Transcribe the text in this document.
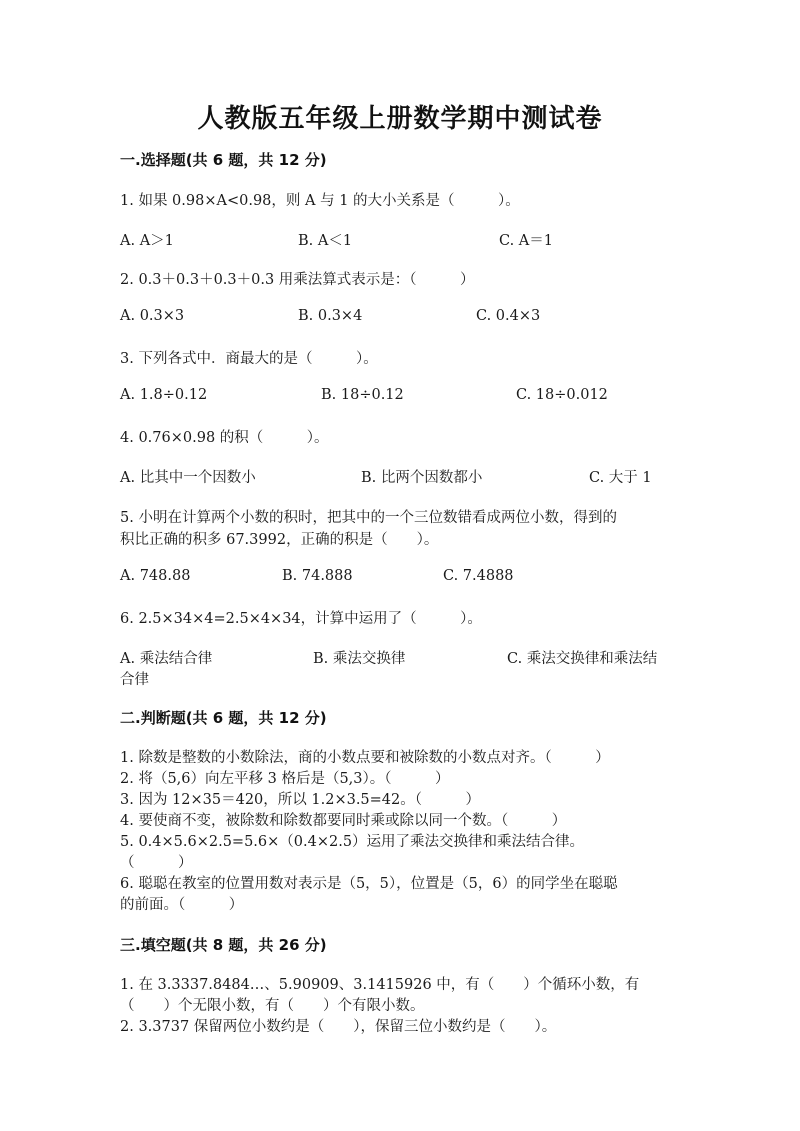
人教版五年级上册数学期中测试卷
一.选择题(共 6 题，共 12 分)
1. 如果 0.98×A<0.98，则 A 与 1 的大小关系是（　　　）。
A. A＞1	B. A＜1	C. A＝1
2. 0.3＋0.3＋0.3＋0.3 用乘法算式表示是：（　　　）
A. 0.3×3	B. 0.3×4	C. 0.4×3
3. 下列各式中．商最大的是（　　　）。
A. 1.8÷0.12	B. 18÷0.12	C. 18÷0.012
4. 0.76×0.98 的积（　　　）。
A. 比其中一个因数小	B. 比两个因数都小	C. 大于 1
5. 小明在计算两个小数的积时，把其中的一个三位数错看成两位小数，得到的
积比正确的积多 67.3992，正确的积是（　　）。
A. 748.88	B. 74.888	C. 7.4888
6. 2.5×34×4=2.5×4×34，计算中运用了（　　　）。
A. 乘法结合律	B. 乘法交换律	C. 乘法交换律和乘法结
合律
二.判断题(共 6 题，共 12 分)
1. 除数是整数的小数除法，商的小数点要和被除数的小数点对齐。（　　　）
2. 将（5,6）向左平移 3 格后是（5,3）。（　　　）
3. 因为 12×35＝420，所以 1.2×3.5=42。（　　　）
4. 要使商不变，被除数和除数都要同时乘或除以同一个数。（　　　）
5. 0.4×5.6×2.5=5.6×（0.4×2.5）运用了乘法交换律和乘法结合律。
（　　　）
6. 聪聪在教室的位置用数对表示是（5，5），位置是（5，6）的同学坐在聪聪
的前面。（　　　）
三.填空题(共 8 题，共 26 分)
1. 在 3.3337.8484…、5.90909、3.1415926 中，有（　　）个循环小数，有
（　　）个无限小数，有（　　）个有限小数。
2. 3.3737 保留两位小数约是（　　），保留三位小数约是（　　）。
